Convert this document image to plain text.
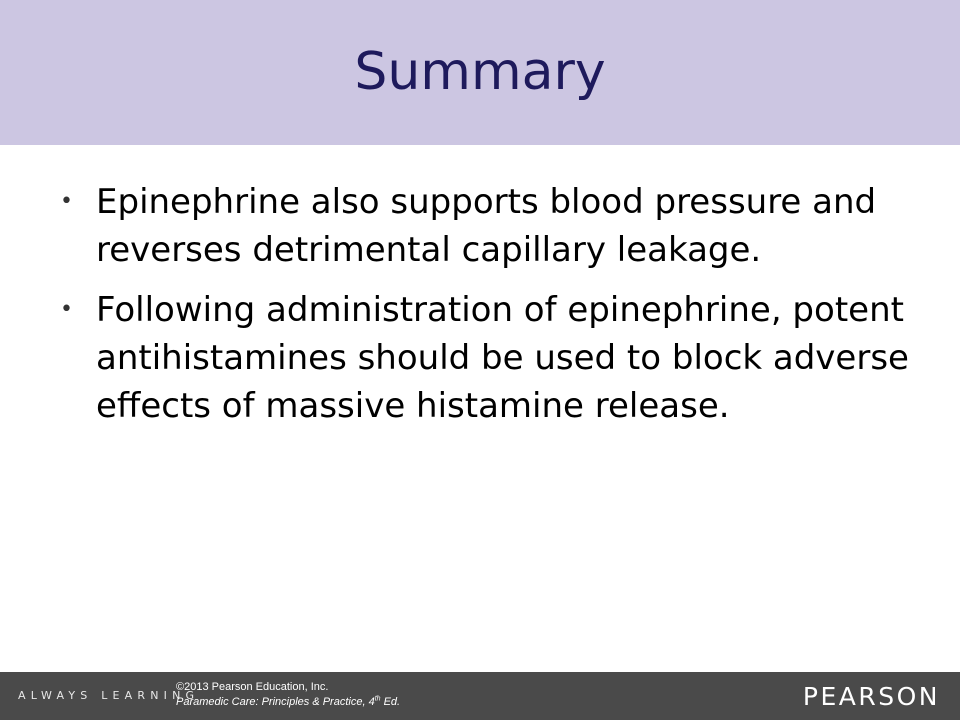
Summary
• Epinephrine also supports blood pressure and reverses detrimental capillary leakage.
• Following administration of epinephrine, potent antihistamines should be used to block adverse effects of massive histamine release.
ALWAYS LEARNING
©2013 Pearson Education, Inc.
Paramedic Care: Principles & Practice, 4th Ed.	PEARSON
